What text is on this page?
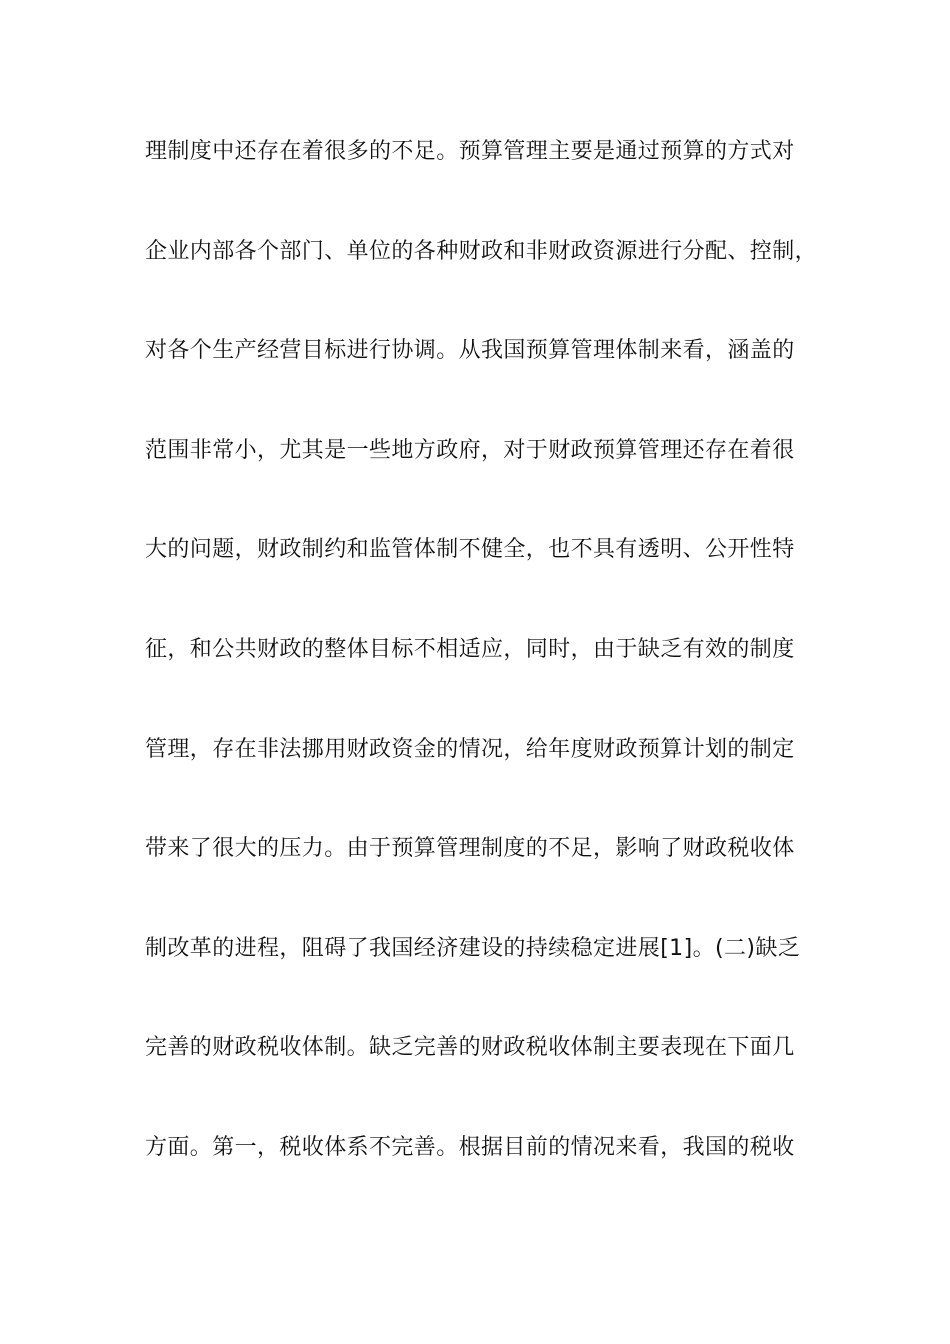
理制度中还存在着很多的不足。预算管理主要是通过预算的方式对
企业内部各个部门、单位的各种财政和非财政资源进行分配、控制，
对各个生产经营目标进行协调。从我国预算管理体制来看，涵盖的
范围非常小，尤其是一些地方政府，对于财政预算管理还存在着很
大的问题，财政制约和监管体制不健全，也不具有透明、公开性特
征，和公共财政的整体目标不相适应，同时，由于缺乏有效的制度
管理，存在非法挪用财政资金的情况，给年度财政预算计划的制定
带来了很大的压力。由于预算管理制度的不足，影响了财政税收体
制改革的进程，阻碍了我国经济建设的持续稳定进展[1]。(二)缺乏
完善的财政税收体制。缺乏完善的财政税收体制主要表现在下面几
方面。第一，税收体系不完善。根据目前的情况来看，我国的税收
